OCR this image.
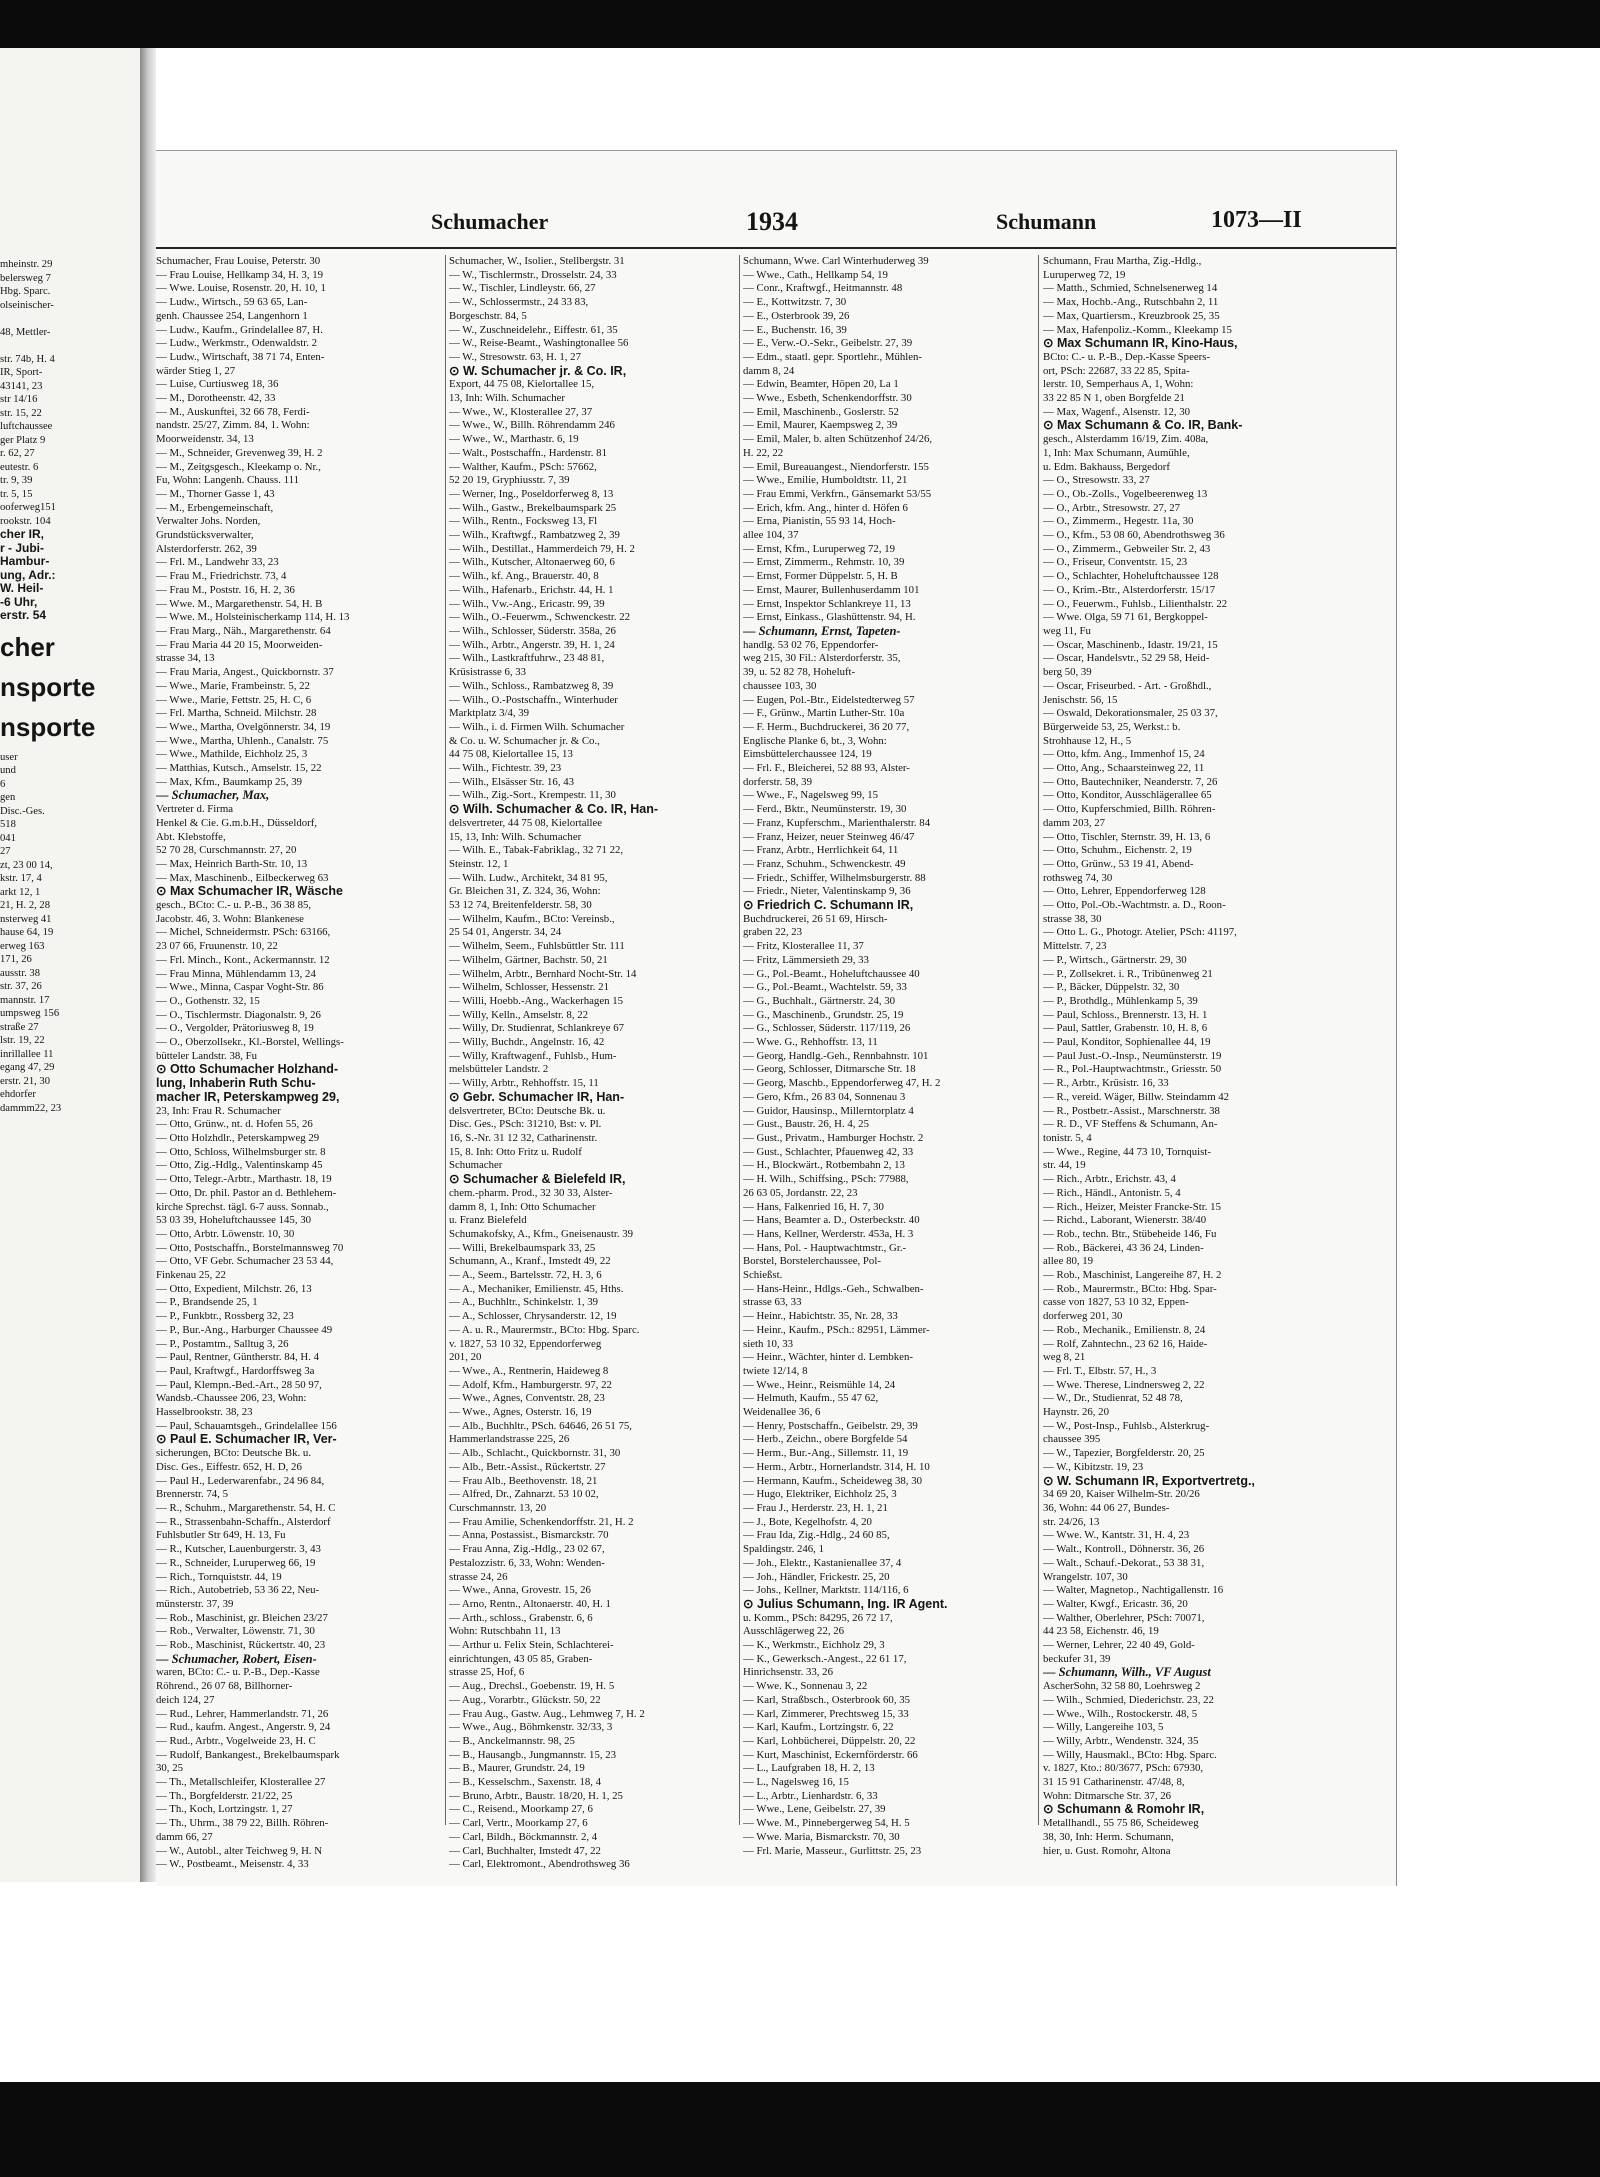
mheinstr. 29
belersweg 7
Hbg. Sparc.
olseinischer-

48, Mettler-

str. 74b, H. 4
IR, Sport-
43141, 23
str 14/16
str. 15, 22
luftchaussee
ger Platz 9
r. 62, 27
eutestr. 6
tr. 9, 39
tr. 5, 15
ooferweg151
rookstr. 104
cher IR,
r - Jubi-
Hambur-
ung, Adr.:
W. Heil-
-6 Uhr,
erstr. 54
cher
nsporte
nsporte
user
und
6
gen
Disc.-Ges.
518
041
27
zt, 23 00 14,
kstr. 17, 4
arkt 12, 1
21, H. 2, 28
nsterweg 41
hause 64, 19
erweg 163
171, 26
ausstr. 38
str. 37, 26
mannstr. 17
umpsweg 156
straße 27
lstr. 19, 22
inrillallee 11
egang 47, 29
erstr. 21, 30
ehdorfer
dammm22, 23
Schumacher	1934	Schumann	1073—II
Schumacher, Frau Louise, Peterstr. 30
— Frau Louise, Hellkamp 34, H. 3, 19
— Wwe. Louise, Rosenstr. 20, H. 10, 1
— Ludw., Wirtsch., 59 63 65, Lan-
genh. Chaussee 254, Langenhorn 1
— Ludw., Kaufm., Grindelallee 87, H.
— Ludw., Werkmstr., Odenwaldstr. 2
— Ludw., Wirtschaft, 38 71 74, Enten-
wärder Stieg 1, 27
— Luise, Curtiusweg 18, 36
— M., Dorotheenstr. 42, 33
— M., Auskunftei, 32 66 78, Ferdi-
nandstr. 25/27, Zimm. 84, 1. Wohn:
Moorweidenstr. 34, 13
— M., Schneider, Grevenweg 39, H. 2
— M., Zeitgsgesch., Kleekamp o. Nr.,
Fu, Wohn: Langenh. Chauss. 111
— M., Thorner Gasse 1, 43
— M., Erbengemeinschaft,
Verwalter Johs. Norden,
Grundstücksverwalter,
Alsterdorferstr. 262, 39
— Frl. M., Landwehr 33, 23
— Frau M., Friedrichstr. 73, 4
— Frau M., Poststr. 16, H. 2, 36
— Wwe. M., Margarethenstr. 54, H. B
— Wwe. M., Holsteinischerkamp 114, H. 13
— Frau Marg., Näh., Margarethenstr. 64
— Frau Maria 44 20 15, Moorweiden-
strasse 34, 13
— Frau Maria, Angest., Quickbornstr. 37
— Wwe., Marie, Frambeinstr. 5, 22
— Wwe., Marie, Fettstr. 25, H. C, 6
— Frl. Martha, Schneid. Milchstr. 28
— Wwe., Martha, Ovelgönnerstr. 34, 19
— Wwe., Martha, Uhlenh., Canalstr. 75
— Wwe., Mathilde, Eichholz 25, 3
— Matthias, Kutsch., Amselstr. 15, 22
— Max, Kfm., Baumkamp 25, 39
— Schumacher, Max,
Vertreter d. Firma
Henkel & Cie. G.m.b.H., Düsseldorf,
Abt. Klebstoffe,
52 70 28, Curschmannstr. 27, 20
— Max, Heinrich Barth-Str. 10, 13
— Max, Maschinenb., Eilbeckerweg 63
⊙ Max Schumacher IR, Wäsche
gesch., BCto: C.- u. P.-B., 36 38 85,
Jacobstr. 46, 3. Wohn: Blankenese
— Michel, Schneidermstr. PSch: 63166,
23 07 66, Fruunenstr. 10, 22
— Frl. Minch., Kont., Ackermannstr. 12
— Frau Minna, Mühlendamm 13, 24
— Wwe., Minna, Caspar Voght-Str. 86
— O., Gothenstr. 32, 15
— O., Tischlermstr. Diagonalstr. 9, 26
— O., Vergolder, Prätoriusweg 8, 19
— O., Oberzollsekr., Kl.-Borstel, Wellings-
bütteler Landstr. 38, Fu
⊙ Otto Schumacher Holzhand-
lung, Inhaberin Ruth Schu-
macher IR, Peterskampweg 29,
23, Inh: Frau R. Schumacher
— Otto, Grünw., nt. d. Hofen 55, 26
— Otto Holzhdlr., Peterskampweg 29
— Otto, Schloss, Wilhelmsburger str. 8
— Otto, Zig.-Hdlg., Valentinskamp 45
— Otto, Telegr.-Arbtr., Marthastr. 18, 19
— Otto, Dr. phil. Pastor an d. Bethlehem-
kirche Sprechst. tägl. 6-7 auss. Sonnab.,
53 03 39, Hoheluftchaussee 145, 30
— Otto, Arbtr. Löwenstr. 10, 30
— Otto, Postschaffn., Borstelmannsweg 70
— Otto, VF Gebr. Schumacher 23 53 44,
Finkenau 25, 22
— Otto, Expedient, Milchstr. 26, 13
— P., Brandsende 25, 1
— P., Funkbtr., Rossberg 32, 23
— P., Bur.-Ang., Harburger Chaussee 49
— P., Postamtm., Salltug 3, 26
— Paul, Rentner, Güntherstr. 84, H. 4
— Paul, Kraftwgf., Hardorffsweg 3a
— Paul, Klempn.-Bed.-Art., 28 50 97,
Wandsb.-Chaussee 206, 23, Wohn:
Hasselbrookstr. 38, 23
— Paul, Schauamtsgeh., Grindelallee 156
⊙ Paul E. Schumacher IR, Ver-
sicherungen, BCto: Deutsche Bk. u.
Disc. Ges., Eiffestr. 652, H. D, 26
— Paul H., Lederwarenfabr., 24 96 84,
Brennerstr. 74, 5
— R., Schuhm., Margarethenstr. 54, H. C
— R., Strassenbahn-Schaffn., Alsterdorf
Fuhlsbutler Str 649, H. 13, Fu
— R., Kutscher, Lauenburgerstr. 3, 43
— R., Schneider, Luruperweg 66, 19
— Rich., Tornquiststr. 44, 19
— Rich., Autobetrieb, 53 36 22, Neu-
münsterstr. 37, 39
— Rob., Maschinist, gr. Bleichen 23/27
— Rob., Verwalter, Löwenstr. 71, 30
— Rob., Maschinist, Rückertstr. 40, 23
— Schumacher, Robert, Eisen-
waren, BCto: C.- u. P.-B., Dep.-Kasse
Röhrend., 26 07 68, Billhorner-
deich 124, 27
— Rud., Lehrer, Hammerlandstr. 71, 26
— Rud., kaufm. Angest., Angerstr. 9, 24
— Rud., Arbtr., Vogelweide 23, H. C
— Rudolf, Bankangest., Brekelbaumspark
30, 25
— Th., Metallschleifer, Klosterallee 27
— Th., Borgfelderstr. 21/22, 25
— Th., Koch, Lortzingstr. 1, 27
— Th., Uhrm., 38 79 22, Billh. Röhren-
damm 66, 27
— W., Autobl., alter Teichweg 9, H. N
— W., Postbeamt., Meisenstr. 4, 33
Schumacher, W., Isolier., Stellbergstr. 31
— W., Tischlermstr., Drosselstr. 24, 33
— W., Tischler, Lindleystr. 66, 27
— W., Schlossermstr., 24 33 83,
Borgeschstr. 84, 5
— W., Zuschneidelehr., Eiffestr. 61, 35
— W., Reise-Beamt., Washingtonallee 56
— W., Stresowstr. 63, H. 1, 27
⊙ W. Schumacher jr. & Co. IR,
Export, 44 75 08, Kielortallee 15,
13, Inh: Wilh. Schumacher
— Wwe., W., Klosterallee 27, 37
— Wwe., W., Billh. Röhrendamm 246
— Wwe., W., Marthastr. 6, 19
— Walt., Postschaffn., Hardenstr. 81
— Walther, Kaufm., PSch: 57662,
52 20 19, Gryphiusstr. 7, 39
— Werner, Ing., Poseldorferweg 8, 13
— Wilh., Gastw., Brekelbaumspark 25
— Wilh., Rentn., Focksweg 13, Fl
— Wilh., Kraftwgf., Rambatzweg 2, 39
— Wilh., Destillat., Hammerdeich 79, H. 2
— Wilh., Kutscher, Altonaerweg 60, 6
— Wilh., kf. Ang., Brauerstr. 40, 8
— Wilh., Hafenarb., Erichstr. 44, H. 1
— Wilh., Vw.-Ang., Ericastr. 99, 39
— Wilh., O.-Feuerwm., Schwenckestr. 22
— Wilh., Schlosser, Süderstr. 358a, 26
— Wilh., Arbtr., Angerstr. 39, H. 1, 24
— Wilh., Lastkraftfuhrw., 23 48 81,
Krüsistrasse 6, 33
— Wilh., Schloss., Rambatzweg 8, 39
— Wilh., O.-Postschaffn., Winterhuder
Marktplatz 3/4, 39
— Wilh., i. d. Firmen Wilh. Schumacher
& Co. u. W. Schumacher jr. & Co.,
44 75 08, Kielortallee 15, 13
— Wilh., Fichtestr. 39, 23
— Wilh., Elsässer Str. 16, 43
— Wilh., Zig.-Sort., Krempestr. 11, 30
⊙ Wilh. Schumacher & Co. IR, Han-
delsvertreter, 44 75 08, Kielortallee
15, 13, Inh: Wilh. Schumacher
— Wilh. E., Tabak-Fabriklag., 32 71 22,
Steinstr. 12, 1
— Wilh. Ludw., Architekt, 34 81 95,
Gr. Bleichen 31, Z. 324, 36, Wohn:
53 12 74, Breitenfelderstr. 58, 30
— Wilhelm, Kaufm., BCto: Vereinsb.,
25 54 01, Angerstr. 34, 24
— Wilhelm, Seem., Fuhlsbüttler Str. 111
— Wilhelm, Gärtner, Bachstr. 50, 21
— Wilhelm, Arbtr., Bernhard Nocht-Str. 14
— Wilhelm, Schlosser, Hessenstr. 21
— Willi, Hoebb.-Ang., Wackerhagen 15
— Willy, Kelln., Amselstr. 8, 22
— Willy, Dr. Studienrat, Schlankreye 67
— Willy, Buchdr., Angelnstr. 16, 42
— Willy, Kraftwagenf., Fuhlsb., Hum-
melsbütteler Landstr. 2
— Willy, Arbtr., Rehhoffstr. 15, 11
⊙ Gebr. Schumacher IR, Han-
delsvertreter, BCto: Deutsche Bk. u.
Disc. Ges., PSch: 31210, Bst: v. Pl.
16, S.-Nr. 31 12 32, Catharinenstr.
15, 8. Inh: Otto Fritz u. Rudolf
Schumacher
⊙ Schumacher & Bielefeld IR,
chem.-pharm. Prod., 32 30 33, Alster-
damm 8, 1, Inh: Otto Schumacher
u. Franz Bielefeld
Schumakofsky, A., Kfm., Gneisenaustr. 39
— Willi, Brekelbaumspark 33, 25
Schumann, A., Kranf., Imstedt 49, 22
— A., Seem., Bartelsstr. 72, H. 3, 6
— A., Mechaniker, Emilienstr. 45, Hths.
— A., Buchhltr., Schinkelstr. 1, 39
— A., Schlosser, Chrysanderstr. 12, 19
— A. u. R., Maurermstr., BCto: Hbg. Sparc.
v. 1827, 53 10 32, Eppendorferweg
201, 20
— Wwe., A., Rentnerin, Haideweg 8
— Adolf, Kfm., Hamburgerstr. 97, 22
— Wwe., Agnes, Conventstr. 28, 23
— Wwe., Agnes, Osterstr. 16, 19
— Alb., Buchhltr., PSch. 64646, 26 51 75,
Hammerlandstrasse 225, 26
— Alb., Schlacht., Quickbornstr. 31, 30
— Alb., Betr.-Assist., Rückertstr. 27
— Frau Alb., Beethovenstr. 18, 21
— Alfred, Dr., Zahnarzt. 53 10 02,
Curschmannstr. 13, 20
— Frau Amilie, Schenkendorffstr. 21, H. 2
— Anna, Postassist., Bismarckstr. 70
— Frau Anna, Zig.-Hdlg., 23 02 67,
Pestalozzistr. 6, 33, Wohn: Wenden-
strasse 24, 26
— Wwe., Anna, Grovestr. 15, 26
— Arno, Rentn., Altonaerstr. 40, H. 1
— Arth., schloss., Grabenstr. 6, 6
Wohn: Rutschbahn 11, 13
— Arthur u. Felix Stein, Schlachterei-
einrichtungen, 43 05 85, Graben-
strasse 25, Hof, 6
— Aug., Drechsl., Goebenstr. 19, H. 5
— Aug., Vorarbtr., Glückstr. 50, 22
— Frau Aug., Gastw. Aug., Lehmweg 7, H. 2
— Wwe., Aug., Böhmkenstr. 32/33, 3
— B., Anckelmannstr. 98, 25
— B., Hausangb., Jungmannstr. 15, 23
— B., Maurer, Grundstr. 24, 19
— B., Kesselschm., Saxenstr. 18, 4
— Bruno, Arbtr., Baustr. 18/20, H. 1, 25
— C., Reisend., Moorkamp 27, 6
— Carl, Vertr., Moorkamp 27, 6
— Carl, Bildh., Böckmannstr. 2, 4
— Carl, Buchhalter, Imstedt 47, 22
— Carl, Elektromont., Abendrothsweg 36
Schumann, Wwe. Carl Winterhuderweg 39
— Wwe., Cath., Hellkamp 54, 19
— Conr., Kraftwgf., Heitmannstr. 48
— E., Kottwitzstr. 7, 30
— E., Osterbrook 39, 26
— E., Buchenstr. 16, 39
— E., Verw.-O.-Sekr., Geibelstr. 27, 39
— Edm., staatl. gepr. Sportlehr., Mühlen-
damm 8, 24
— Edwin, Beamter, Höpen 20, La 1
— Wwe., Esbeth, Schenkendorffstr. 30
— Emil, Maschinenb., Goslerstr. 52
— Emil, Maurer, Kaempsweg 2, 39
— Emil, Maler, b. alten Schützenhof 24/26,
H. 22, 22
— Emil, Bureauangest., Niendorferstr. 155
— Wwe., Emilie, Humboldtstr. 11, 21
— Frau Emmi, Verkfrn., Gänsemarkt 53/55
— Erich, kfm. Ang., hinter d. Höfen 6
— Erna, Pianistin, 55 93 14, Hoch-
allee 104, 37
— Ernst, Kfm., Luruperweg 72, 19
— Ernst, Zimmerm., Rehmstr. 10, 39
— Ernst, Former Düppelstr. 5, H. B
— Ernst, Maurer, Bullenhuserdamm 101
— Ernst, Inspektor Schlankreye 11, 13
— Ernst, Einkass., Glashüttenstr. 94, H.
— Schumann, Ernst, Tapeten-
handlg. 53 02 76, Eppendorfer-
weg 215, 30 Fil.: Alsterdorferstr. 35,
39, u. 52 82 78, Hoheluft-
chaussee 103, 30
— Eugen, Pol.-Btr., Eidelstedterweg 57
— F., Grünw., Martin Luther-Str. 10a
— F. Herm., Buchdruckerei, 36 20 77,
Englische Planke 6, bt., 3, Wohn:
Eimsbüttelerchaussee 124, 19
— Frl. F., Bleicherei, 52 88 93, Alster-
dorferstr. 58, 39
— Wwe., F., Nagelsweg 99, 15
— Ferd., Bktr., Neumünsterstr. 19, 30
— Franz, Kupferschm., Marienthalerstr. 84
— Franz, Heizer, neuer Steinweg 46/47
— Franz, Arbtr., Herrlichkeit 64, 11
— Franz, Schuhm., Schwenckestr. 49
— Friedr., Schiffer, Wilhelmsburgerstr. 88
— Friedr., Nieter, Valentinskamp 9, 36
⊙ Friedrich C. Schumann IR,
Buchdruckerei, 26 51 69, Hirsch-
graben 22, 23
— Fritz, Klosterallee 11, 37
— Fritz, Lämmersieth 29, 33
— G., Pol.-Beamt., Hoheluftchaussee 40
— G., Pol.-Beamt., Wachtelstr. 59, 33
— G., Buchhalt., Gärtnerstr. 24, 30
— G., Maschinenb., Grundstr. 25, 19
— G., Schlosser, Süderstr. 117/119, 26
— Wwe. G., Rehhoffstr. 13, 11
— Georg, Handlg.-Geh., Rennbahnstr. 101
— Georg, Schlosser, Ditmarsche Str. 18
— Georg, Maschb., Eppendorferweg 47, H. 2
— Gero, Kfm., 26 83 04, Sonnenau 3
— Guidor, Hausinsp., Millerntorplatz 4
— Gust., Baustr. 26, H. 4, 25
— Gust., Privatm., Hamburger Hochstr. 2
— Gust., Schlachter, Pfauenweg 42, 33
— H., Blockwärt., Rotbembahn 2, 13
— H. Wilh., Schiffsing., PSch: 77988,
26 63 05, Jordanstr. 22, 23
— Hans, Falkenried 16, H. 7, 30
— Hans, Beamter a. D., Osterbeckstr. 40
— Hans, Kellner, Werderstr. 453a, H. 3
— Hans, Pol. - Hauptwachtmstr., Gr.-
Borstel, Borstelerchaussee, Pol-
Schießst.
— Hans-Heinr., Hdlgs.-Geh., Schwalben-
strasse 63, 33
— Heinr., Habichtstr. 35, Nr. 28, 33
— Heinr., Kaufm., PSch.: 82951, Lämmer-
sieth 10, 33
— Heinr., Wächter, hinter d. Lembken-
twiete 12/14, 8
— Wwe., Heinr., Reismühle 14, 24
— Helmuth, Kaufm., 55 47 62,
Weidenallee 36, 6
— Henry, Postschaffn., Geibelstr. 29, 39
— Herb., Zeichn., obere Borgfelde 54
— Herm., Bur.-Ang., Sillemstr. 11, 19
— Herm., Arbtr., Hornerlandstr. 314, H. 10
— Hermann, Kaufm., Scheideweg 38, 30
— Hugo, Elektriker, Eichholz 25, 3
— Frau J., Herderstr. 23, H. 1, 21
— J., Bote, Kegelhofstr. 4, 20
— Frau Ida, Zig.-Hdlg., 24 60 85,
Spaldingstr. 246, 1
— Joh., Elektr., Kastanienallee 37, 4
— Joh., Händler, Frickestr. 25, 20
— Johs., Kellner, Marktstr. 114/116, 6
⊙ Julius Schumann, Ing. IR Agent.
u. Komm., PSch: 84295, 26 72 17,
Ausschlägerweg 22, 26
— K., Werkmstr., Eichholz 29, 3
— K., Gewerksch.-Angest., 22 61 17,
Hinrichsenstr. 33, 26
— Wwe. K., Sonnenau 3, 22
— Karl, Straßbsch., Osterbrook 60, 35
— Karl, Zimmerer, Prechtsweg 15, 33
— Karl, Kaufm., Lortzingstr. 6, 22
— Karl, Lohbücherei, Düppelstr. 20, 22
— Kurt, Maschinist, Eckernförderstr. 66
— L., Laufgraben 18, H. 2, 13
— L., Nagelsweg 16, 15
— L., Arbtr., Lienhardstr. 6, 33
— Wwe., Lene, Geibelstr. 27, 39
— Wwe. M., Pinnebergerweg 54, H. 5
— Wwe. Maria, Bismarckstr. 70, 30
— Frl. Marie, Masseur., Gurlittstr. 25, 23
Schumann, Frau Martha, Zig.-Hdlg.,
Luruperweg 72, 19
— Matth., Schmied, Schnelsenerweg 14
— Max, Hochb.-Ang., Rutschbahn 2, 11
— Max, Quartiersm., Kreuzbrook 25, 35
— Max, Hafenpoliz.-Komm., Kleekamp 15
⊙ Max Schumann IR, Kino-Haus,
BCto: C.- u. P.-B., Dep.-Kasse Speers-
ort, PSch: 22687, 33 22 85, Spita-
lerstr. 10, Semperhaus A, 1, Wohn:
33 22 85 N 1, oben Borgfelde 21
— Max, Wagenf., Alsenstr. 12, 30
⊙ Max Schumann & Co. IR, Bank-
gesch., Alsterdamm 16/19, Zim. 408a,
1, Inh: Max Schumann, Aumühle,
u. Edm. Bakhauss, Bergedorf
— O., Stresowstr. 33, 27
— O., Ob.-Zolls., Vogelbeerenweg 13
— O., Arbtr., Stresowstr. 27, 27
— O., Zimmerm., Hegestr. 11a, 30
— O., Kfm., 53 08 60, Abendrothsweg 36
— O., Zimmerm., Gebweiler Str. 2, 43
— O., Friseur, Conventstr. 15, 23
— O., Schlachter, Hoheluftchaussee 128
— O., Krim.-Btr., Alsterdorferstr. 15/17
— O., Feuerwm., Fuhlsb., Lilienthalstr. 22
— Wwe. Olga, 59 71 61, Bergkoppel-
weg 11, Fu
— Oscar, Maschinenb., Idastr. 19/21, 15
— Oscar, Handelsvtr., 52 29 58, Heid-
berg 50, 39
— Oscar, Friseurbed. - Art. - Großhdl.,
Jenischstr. 56, 15
— Oswald, Dekorationsmaler, 25 03 37,
Bürgerweide 53, 25, Werkst.: b.
Strohhause 12, H., 5
— Otto, kfm. Ang., Immenhof 15, 24
— Otto, Ang., Schaarsteinweg 22, 11
— Otto, Bautechniker, Neanderstr. 7, 26
— Otto, Konditor, Ausschlägerallee 65
— Otto, Kupferschmied, Billh. Röhren-
damm 203, 27
— Otto, Tischler, Sternstr. 39, H. 13, 6
— Otto, Schuhm., Eichenstr. 2, 19
— Otto, Grünw., 53 19 41, Abend-
rothsweg 74, 30
— Otto, Lehrer, Eppendorferweg 128
— Otto, Pol.-Ob.-Wachtmstr. a. D., Roon-
strasse 38, 30
— Otto L. G., Photogr. Atelier, PSch: 41197,
Mittelstr. 7, 23
— P., Wirtsch., Gärtnerstr. 29, 30
— P., Zollsekret. i. R., Tribünenweg 21
— P., Bäcker, Düppelstr. 32, 30
— P., Brothdlg., Mühlenkamp 5, 39
— Paul, Schloss., Brennerstr. 13, H. 1
— Paul, Sattler, Grabenstr. 10, H. 8, 6
— Paul, Konditor, Sophienallee 44, 19
— Paul Just.-O.-Insp., Neumünsterstr. 19
— R., Pol.-Hauptwachtmstr., Griesstr. 50
— R., Arbtr., Krüsistr. 16, 33
— R., vereid. Wäger, Billw. Steindamm 42
— R., Postbetr.-Assist., Marschnerstr. 38
— R. D., VF Steffens & Schumann, An-
tonistr. 5, 4
— Wwe., Regine, 44 73 10, Tornquist-
str. 44, 19
— Rich., Arbtr., Erichstr. 43, 4
— Rich., Händl., Antonistr. 5, 4
— Rich., Heizer, Meister Francke-Str. 15
— Richd., Laborant, Wienerstr. 38/40
— Rob., techn. Btr., Stübeheide 146, Fu
— Rob., Bäckerei, 43 36 24, Linden-
allee 80, 19
— Rob., Maschinist, Langereihe 87, H. 2
— Rob., Maurermstr., BCto: Hbg. Spar-
casse von 1827, 53 10 32, Eppen-
dorferweg 201, 30
— Rob., Mechanik., Emilienstr. 8, 24
— Rolf, Zahntechn., 23 62 16, Haide-
weg 8, 21
— Frl. T., Elbstr. 57, H., 3
— Wwe. Therese, Lindnersweg 2, 22
— W., Dr., Studienrat, 52 48 78,
Haynstr. 26, 20
— W., Post-Insp., Fuhlsb., Alsterkrug-
chaussee 395
— W., Tapezier, Borgfelderstr. 20, 25
— W., Kibitzstr. 19, 23
⊙ W. Schumann IR, Exportvertretg.,
34 69 20, Kaiser Wilhelm-Str. 20/26
36, Wohn: 44 06 27, Bundes-
str. 24/26, 13
— Wwe. W., Kantstr. 31, H. 4, 23
— Walt., Kontroll., Döhnerstr. 36, 26
— Walt., Schauf.-Dekorat., 53 38 31,
Wrangelstr. 107, 30
— Walter, Magnetop., Nachtigallenstr. 16
— Walter, Kwgf., Ericastr. 36, 20
— Walther, Oberlehrer, PSch: 70071,
44 23 58, Eichenstr. 46, 19
— Werner, Lehrer, 22 40 49, Gold-
beckufer 31, 39
— Schumann, Wilh., VF August
AscherSohn, 32 58 80, Loehrsweg 2
— Wilh., Schmied, Diederichstr. 23, 22
— Wwe., Wilh., Rostockerstr. 48, 5
— Willy, Langereihe 103, 5
— Willy, Arbtr., Wendenstr. 324, 35
— Willy, Hausmakl., BCto: Hbg. Sparc.
v. 1827, Kto.: 80/3677, PSch: 67930,
31 15 91 Catharinenstr. 47/48, 8,
Wohn: Ditmarsche Str. 37, 26
⊙ Schumann & Romohr IR,
Metallhandl., 55 75 86, Scheideweg
38, 30, Inh: Herm. Schumann,
hier, u. Gust. Romohr, Altona
